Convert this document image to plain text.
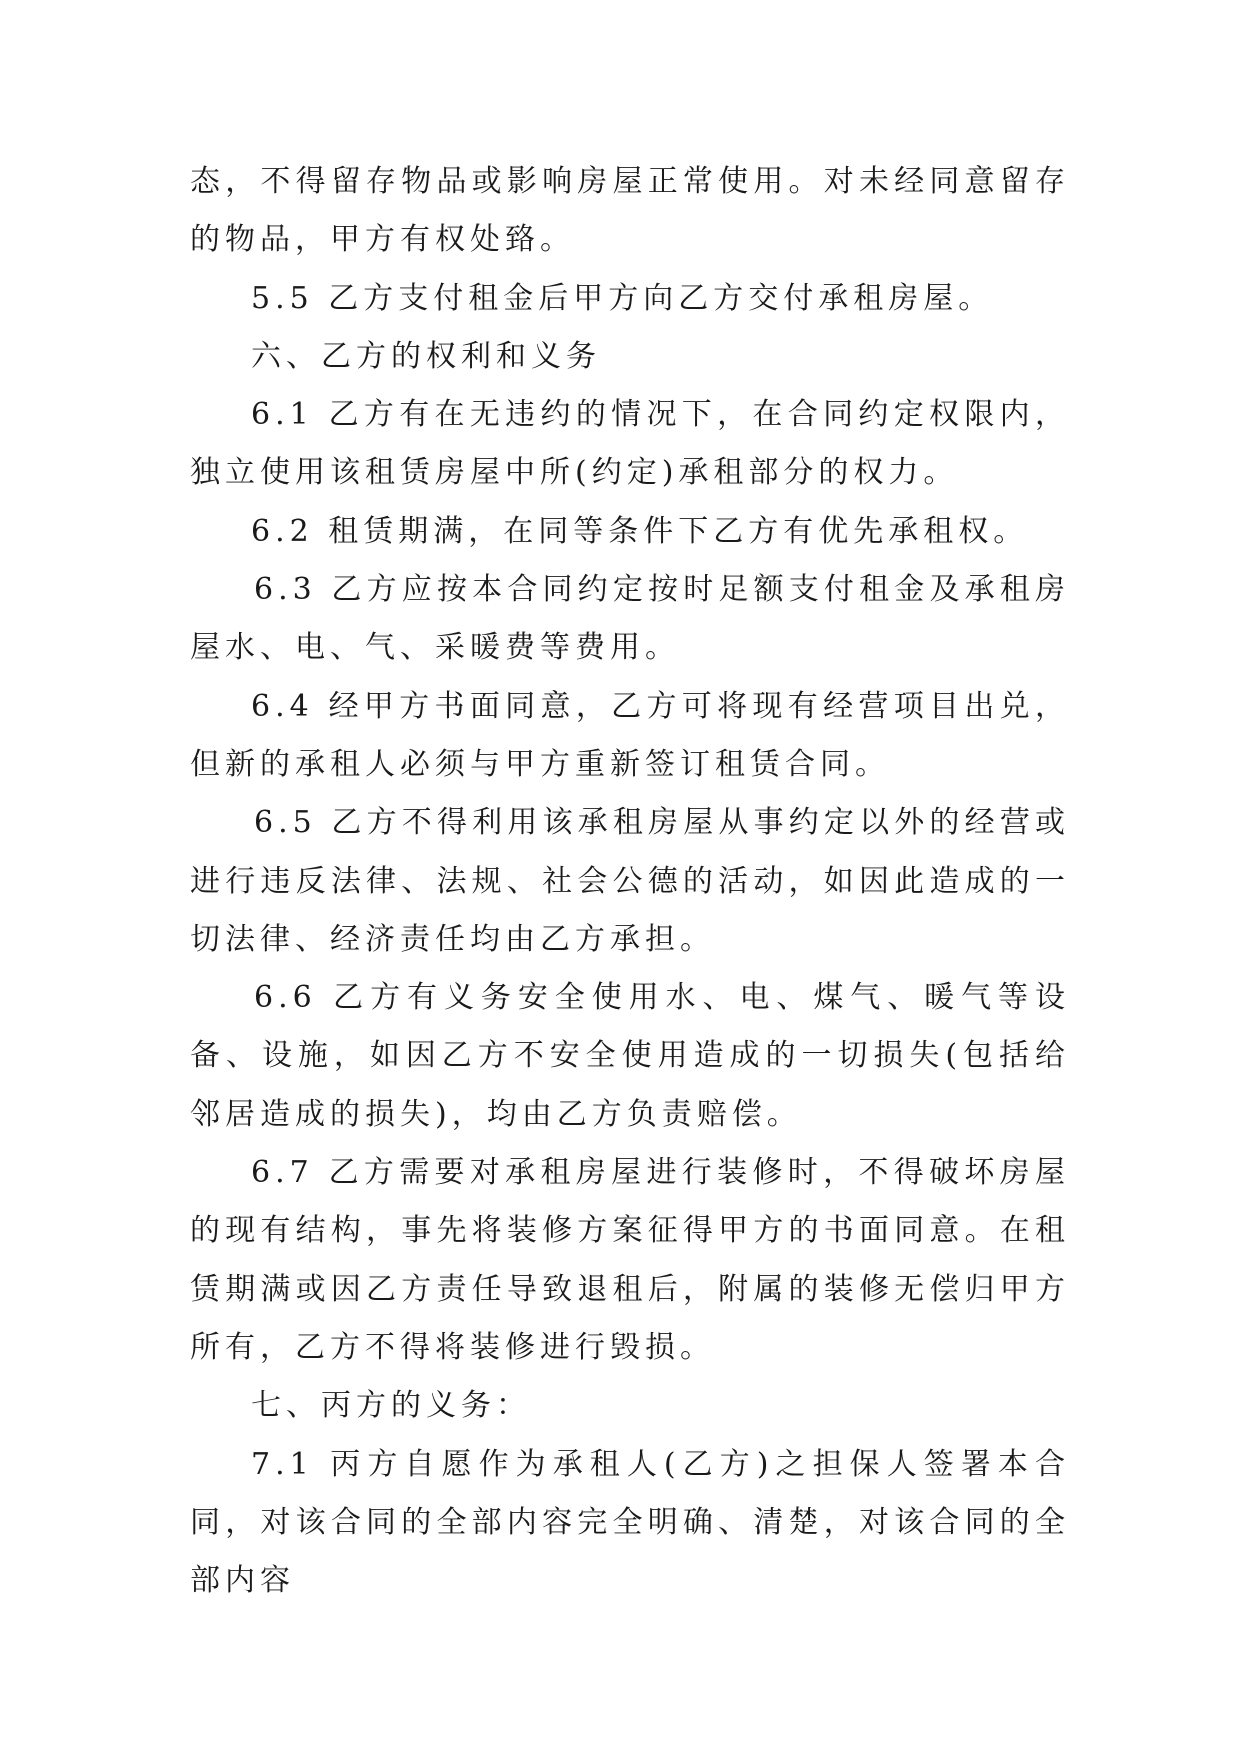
态，不得留存物品或影响房屋正常使用。对未经同意留存的物品，甲方有权处臵。

5.5 乙方支付租金后甲方向乙方交付承租房屋。

六、乙方的权利和义务

6.1 乙方有在无违约的情况下，在合同约定权限内，独立使用该租赁房屋中所(约定)承租部分的权力。

6.2 租赁期满，在同等条件下乙方有优先承租权。

6.3 乙方应按本合同约定按时足额支付租金及承租房屋水、电、气、采暖费等费用。

6.4 经甲方书面同意，乙方可将现有经营项目出兑，但新的承租人必须与甲方重新签订租赁合同。

6.5 乙方不得利用该承租房屋从事约定以外的经营或进行违反法律、法规、社会公德的活动，如因此造成的一切法律、经济责任均由乙方承担。

6.6 乙方有义务安全使用水、电、煤气、暖气等设备、设施，如因乙方不安全使用造成的一切损失(包括给邻居造成的损失)，均由乙方负责赔偿。

6.7 乙方需要对承租房屋进行装修时，不得破坏房屋的现有结构，事先将装修方案征得甲方的书面同意。在租赁期满或因乙方责任导致退租后，附属的装修无偿归甲方所有，乙方不得将装修进行毁损。

七、丙方的义务：

7.1 丙方自愿作为承租人(乙方)之担保人签署本合同，对该合同的全部内容完全明确、清楚，对该合同的全部内容
